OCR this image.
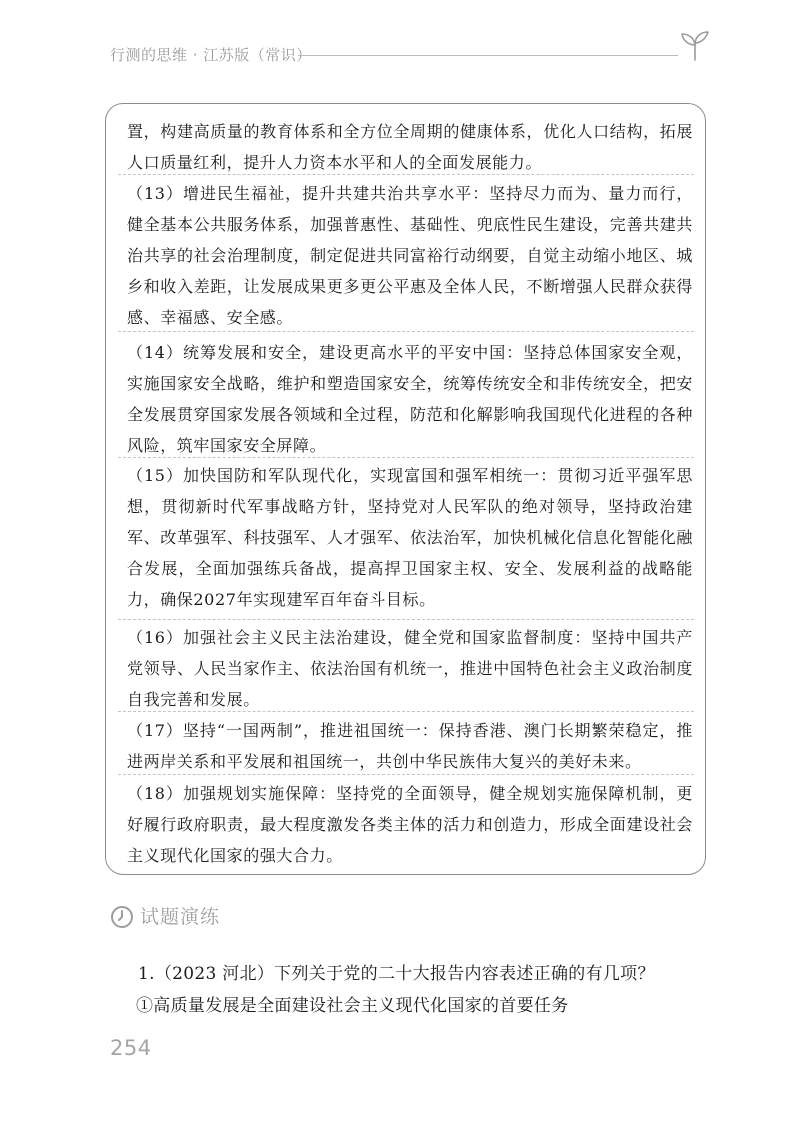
行测的思维 · 江苏版（常识）

置，构建高质量的教育体系和全方位全周期的健康体系，优化人口结构，拓展人口质量红利，提升人力资本水平和人的全面发展能力。

（13）增进民生福祉，提升共建共治共享水平：坚持尽力而为、量力而行，健全基本公共服务体系，加强普惠性、基础性、兜底性民生建设，完善共建共治共享的社会治理制度，制定促进共同富裕行动纲要，自觉主动缩小地区、城乡和收入差距，让发展成果更多更公平惠及全体人民，不断增强人民群众获得感、幸福感、安全感。

（14）统筹发展和安全，建设更高水平的平安中国：坚持总体国家安全观，实施国家安全战略，维护和塑造国家安全，统筹传统安全和非传统安全，把安全发展贯穿国家发展各领域和全过程，防范和化解影响我国现代化进程的各种风险，筑牢国家安全屏障。

（15）加快国防和军队现代化，实现富国和强军相统一：贯彻习近平强军思想，贯彻新时代军事战略方针，坚持党对人民军队的绝对领导，坚持政治建军、改革强军、科技强军、人才强军、依法治军，加快机械化信息化智能化融合发展，全面加强练兵备战，提高捍卫国家主权、安全、发展利益的战略能力，确保2027年实现建军百年奋斗目标。

（16）加强社会主义民主法治建设，健全党和国家监督制度：坚持中国共产党领导、人民当家作主、依法治国有机统一，推进中国特色社会主义政治制度自我完善和发展。

（17）坚持“一国两制”，推进祖国统一：保持香港、澳门长期繁荣稳定，推进两岸关系和平发展和祖国统一，共创中华民族伟大复兴的美好未来。

（18）加强规划实施保障：坚持党的全面领导，健全规划实施保障机制，更好履行政府职责，最大程度激发各类主体的活力和创造力，形成全面建设社会主义现代化国家的强大合力。

试题演练
1.（2023 河北）下列关于党的二十大报告内容表述正确的有几项？
①高质量发展是全面建设社会主义现代化国家的首要任务
254
